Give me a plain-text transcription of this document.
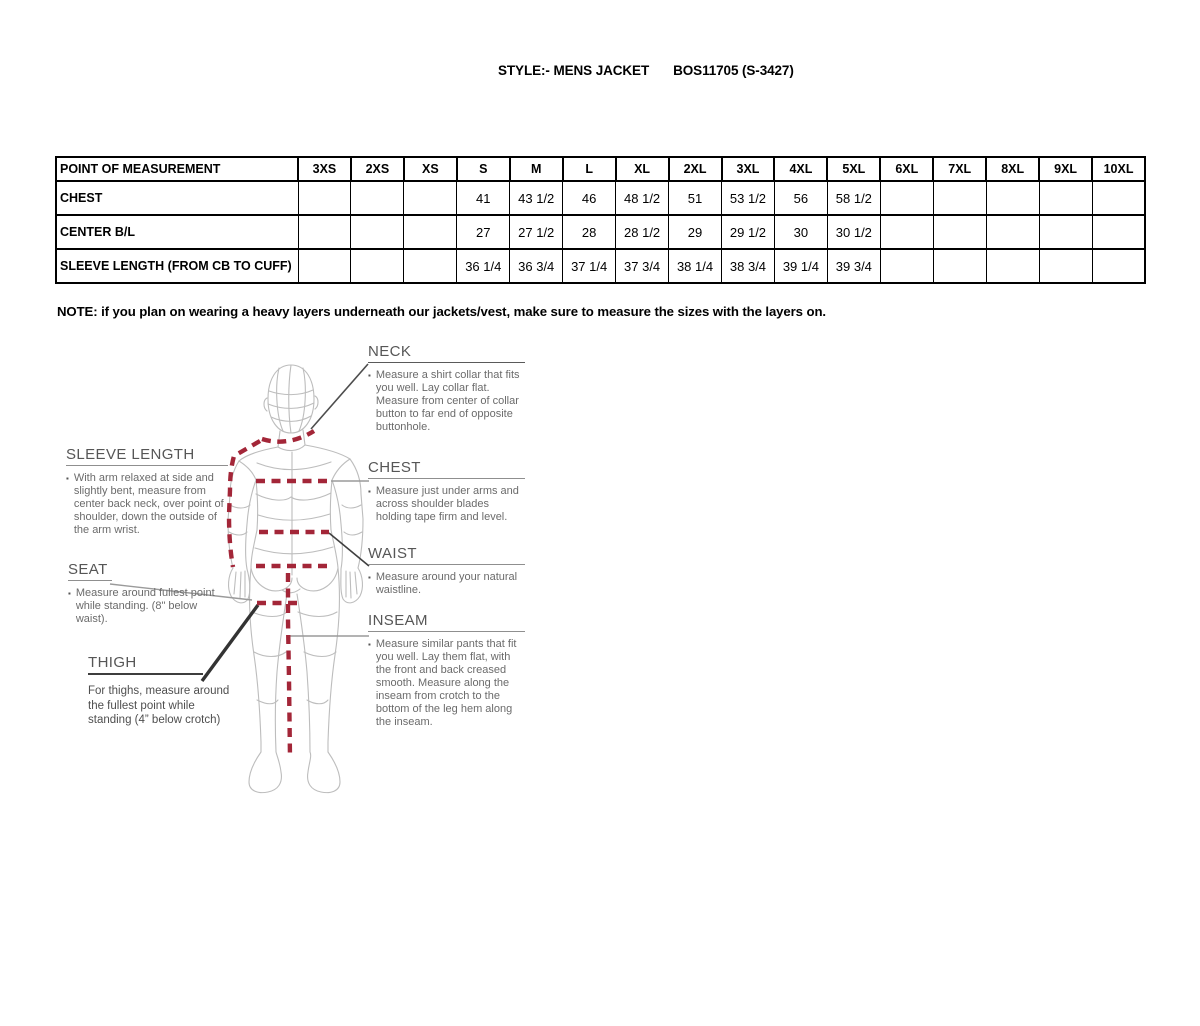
STYLE:- MENS JACKET BOS11705 (S-3427)
POINT OF MEASUREMENT	3XS	2XS	XS	S	M	L	XL	2XL	3XL	4XL	5XL	6XL	7XL	8XL	9XL	10XL
CHEST				41	43 1/2	46	48 1/2	51	53 1/2	56	58 1/2					
CENTER B/L				27	27 1/2	28	28 1/2	29	29 1/2	30	30 1/2					
SLEEVE LENGTH (FROM CB TO CUFF)				36 1/4	36 3/4	37 1/4	37 3/4	38 1/4	38 3/4	39 1/4	39 3/4					
NOTE: if you plan on wearing a heavy layers underneath our jackets/vest, make sure to measure the sizes with the layers on.
NECK
▪ Measure a shirt collar that fits you well. Lay collar flat. Measure from center of collar button to far end of opposite buttonhole.
CHEST
▪ Measure just under arms and across shoulder blades holding tape firm and level.
WAIST
▪ Measure around your natural waistline.
INSEAM
▪ Measure similar pants that fit you well. Lay them flat, with the front and back creased smooth. Measure along the inseam from crotch to the bottom of the leg hem along the inseam.
SLEEVE LENGTH
▪ With arm relaxed at side and slightly bent, measure from center back neck, over point of shoulder, down the outside of the arm wrist.
SEAT
▪ Measure around fullest point while standing. (8" below waist).
THIGH
For thighs, measure around the fullest point while standing (4” below crotch)
